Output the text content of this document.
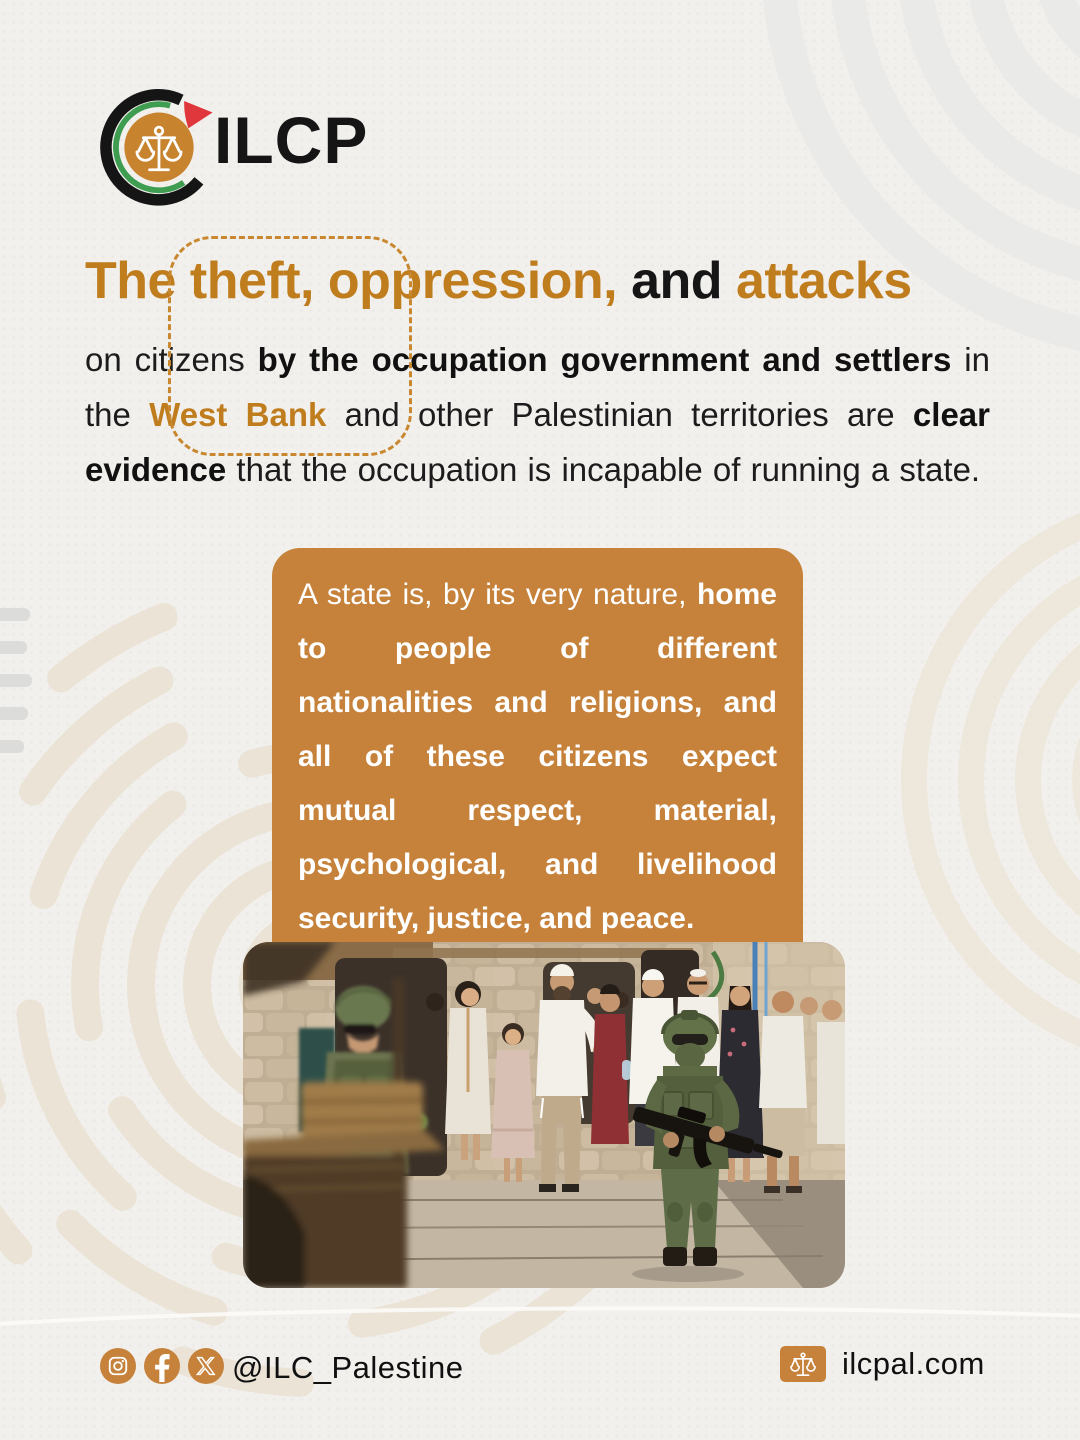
ILCP
The theft, oppression, and attacks

on citizens by the occupation government and settlers in the West Bank and other Palestinian territories are clear evidence that the occupation is incapable of running a state.

A state is, by its very nature, home to people of different nationalities and religions, and all of these citizens expect mutual respect, material, psychological, and livelihood security, justice, and peace.
@ILC_Palestine	ilcpal.com
